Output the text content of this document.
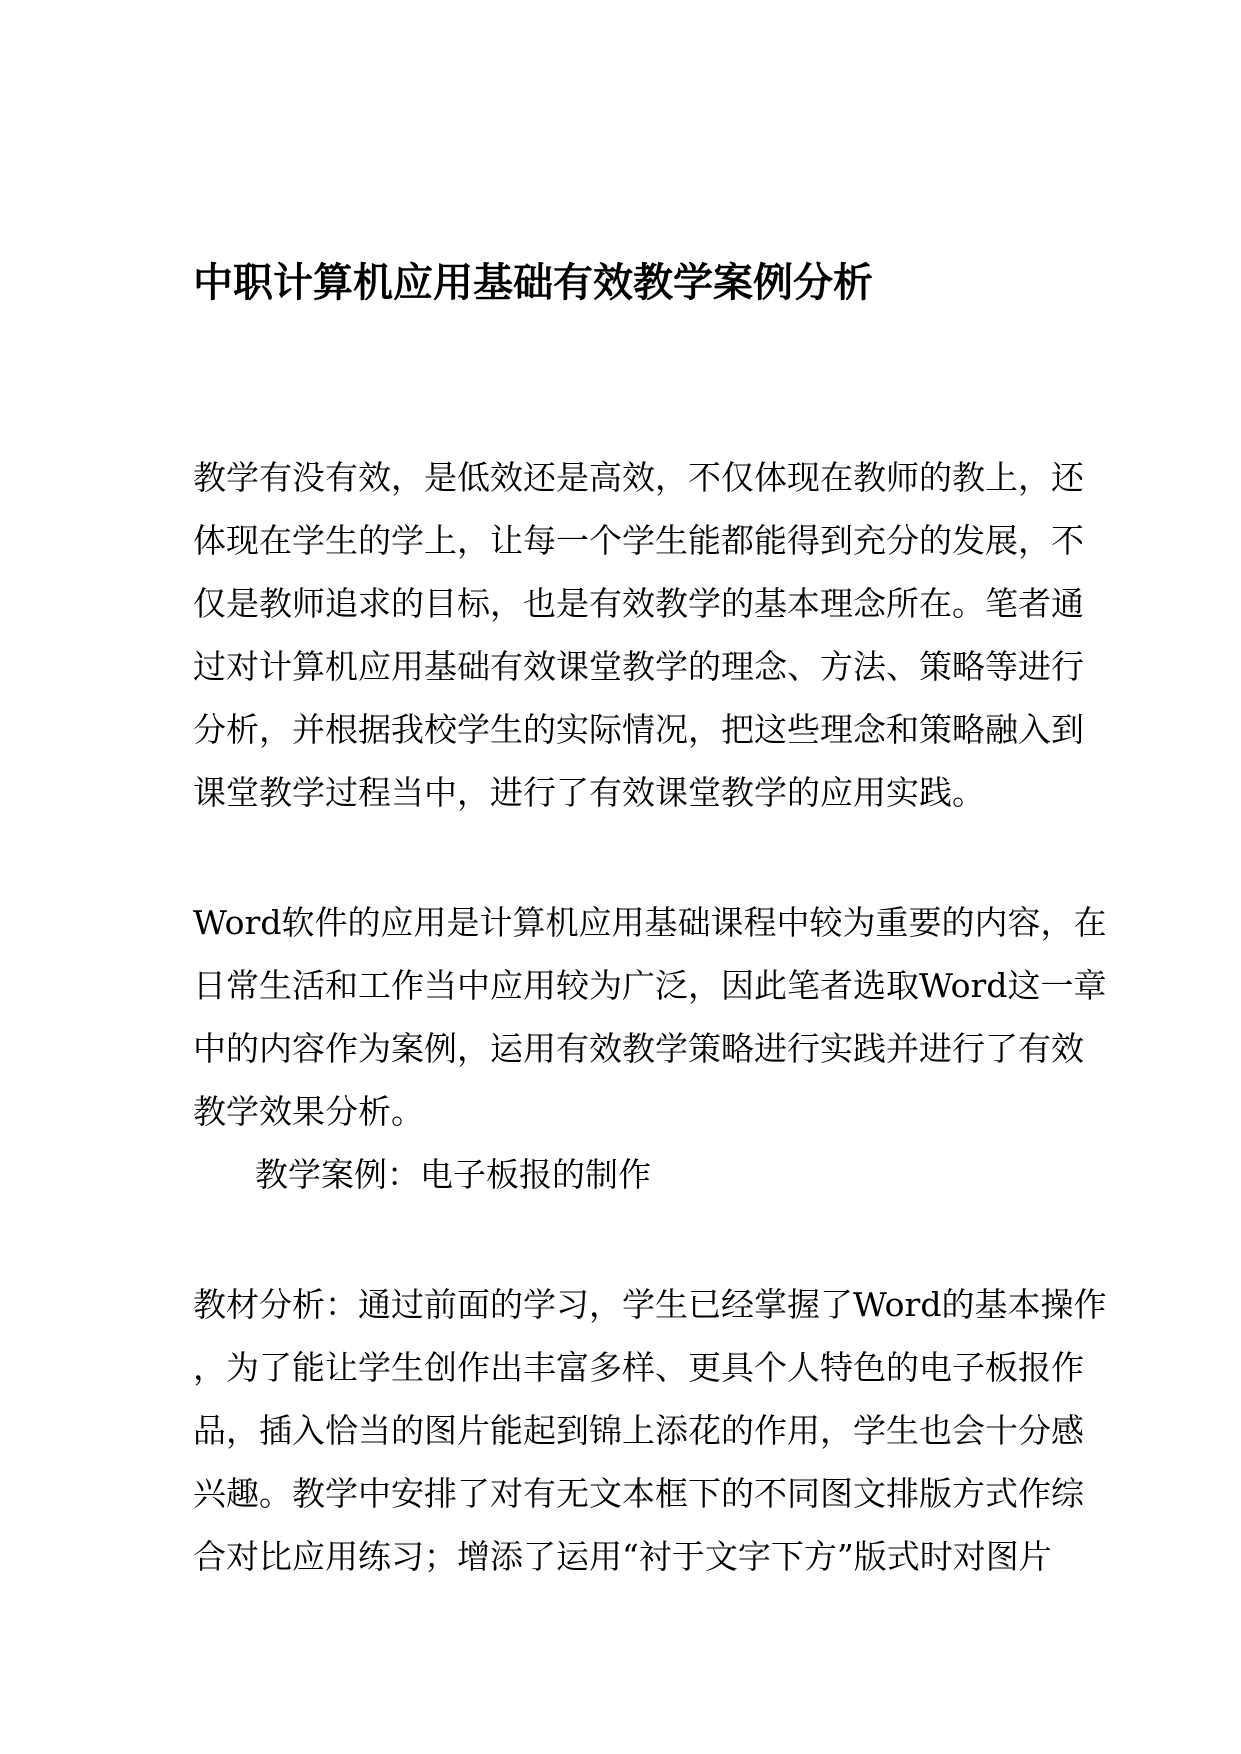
中职计算机应用基础有效教学案例分析
教学有没有效，是低效还是高效，不仅体现在教师的教上，还
体现在学生的学上，让每一个学生能都能得到充分的发展，不
仅是教师追求的目标，也是有效教学的基本理念所在。笔者通
过对计算机应用基础有效课堂教学的理念、方法、策略等进行
分析，并根据我校学生的实际情况，把这些理念和策略融入到
课堂教学过程当中，进行了有效课堂教学的应用实践。
Word软件的应用是计算机应用基础课程中较为重要的内容，在
日常生活和工作当中应用较为广泛，因此笔者选取Word这一章
中的内容作为案例，运用有效教学策略进行实践并进行了有效
教学效果分析。
教学案例：电子板报的制作
教材分析：通过前面的学习，学生已经掌握了Word的基本操作
，为了能让学生创作出丰富多样、更具个人特色的电子板报作
品，插入恰当的图片能起到锦上添花的作用，学生也会十分感
兴趣。教学中安排了对有无文本框下的不同图文排版方式作综
合对比应用练习；增添了运用“衬于文字下方”版式时对图片
